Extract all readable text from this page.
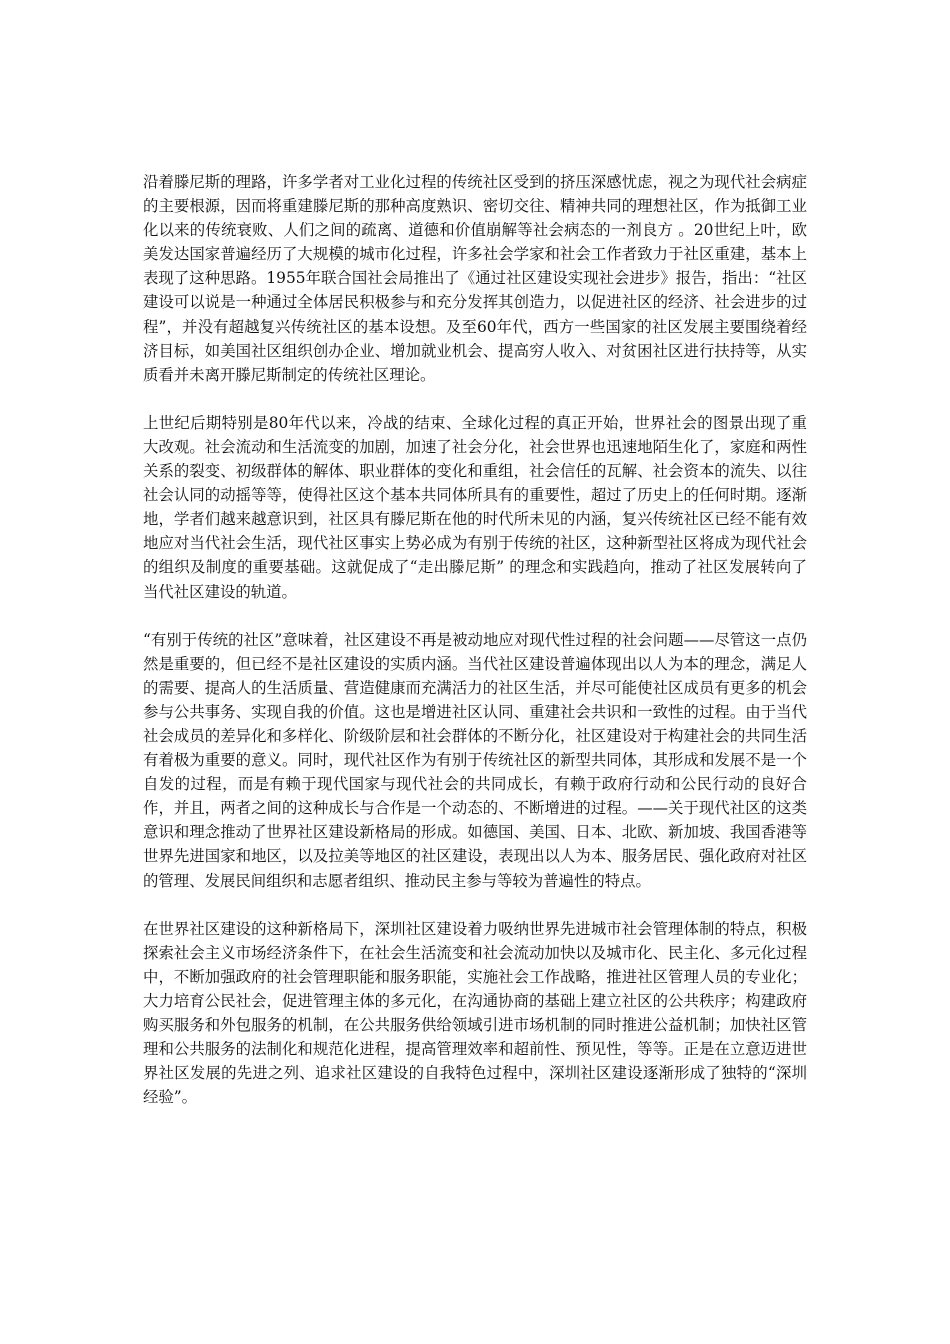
沿着滕尼斯的理路，许多学者对工业化过程的传统社区受到的挤压深感忧虑，视之为现代社会病症的主要根源，因而将重建滕尼斯的那种高度熟识、密切交往、精神共同的理想社区，作为抵御工业化以来的传统衰败、人们之间的疏离、道德和价值崩解等社会病态的一剂良方 。20世纪上叶，欧美发达国家普遍经历了大规模的城市化过程，许多社会学家和社会工作者致力于社区重建，基本上表现了这种思路。1955年联合国社会局推出了《通过社区建设实现社会进步》报告，指出：“社区建设可以说是一种通过全体居民积极参与和充分发挥其创造力，以促进社区的经济、社会进步的过程”，并没有超越复兴传统社区的基本设想。及至60年代，西方一些国家的社区发展主要围绕着经济目标，如美国社区组织创办企业、增加就业机会、提高穷人收入、对贫困社区进行扶持等，从实质看并未离开滕尼斯制定的传统社区理论。

上世纪后期特别是80年代以来，冷战的结束、全球化过程的真正开始，世界社会的图景出现了重大改观。社会流动和生活流变的加剧，加速了社会分化，社会世界也迅速地陌生化了，家庭和两性关系的裂变、初级群体的解体、职业群体的变化和重组，社会信任的瓦解、社会资本的流失、以往社会认同的动摇等等，使得社区这个基本共同体所具有的重要性，超过了历史上的任何时期。逐渐地，学者们越来越意识到，社区具有滕尼斯在他的时代所未见的内涵，复兴传统社区已经不能有效地应对当代社会生活，现代社区事实上势必成为有别于传统的社区，这种新型社区将成为现代社会的组织及制度的重要基础。这就促成了“走出滕尼斯” 的理念和实践趋向，推动了社区发展转向了当代社区建设的轨道。

“有别于传统的社区”意味着，社区建设不再是被动地应对现代性过程的社会问题——尽管这一点仍然是重要的，但已经不是社区建设的实质内涵。当代社区建设普遍体现出以人为本的理念，满足人的需要、提高人的生活质量、营造健康而充满活力的社区生活，并尽可能使社区成员有更多的机会参与公共事务、实现自我的价值。这也是增进社区认同、重建社会共识和一致性的过程。由于当代社会成员的差异化和多样化、阶级阶层和社会群体的不断分化，社区建设对于构建社会的共同生活有着极为重要的意义。同时，现代社区作为有别于传统社区的新型共同体，其形成和发展不是一个自发的过程，而是有赖于现代国家与现代社会的共同成长，有赖于政府行动和公民行动的良好合作，并且，两者之间的这种成长与合作是一个动态的、不断增进的过程。——关于现代社区的这类意识和理念推动了世界社区建设新格局的形成。如德国、美国、日本、北欧、新加坡、我国香港等世界先进国家和地区，以及拉美等地区的社区建设，表现出以人为本、服务居民、强化政府对社区的管理、发展民间组织和志愿者组织、推动民主参与等较为普遍性的特点。

在世界社区建设的这种新格局下，深圳社区建设着力吸纳世界先进城市社会管理体制的特点，积极探索社会主义市场经济条件下，在社会生活流变和社会流动加快以及城市化、民主化、多元化过程中，不断加强政府的社会管理职能和服务职能，实施社会工作战略，推进社区管理人员的专业化；大力培育公民社会，促进管理主体的多元化，在沟通协商的基础上建立社区的公共秩序；构建政府购买服务和外包服务的机制，在公共服务供给领域引进市场机制的同时推进公益机制；加快社区管理和公共服务的法制化和规范化进程，提高管理效率和超前性、预见性，等等。正是在立意迈进世界社区发展的先进之列、追求社区建设的自我特色过程中，深圳社区建设逐渐形成了独特的“深圳经验”。
